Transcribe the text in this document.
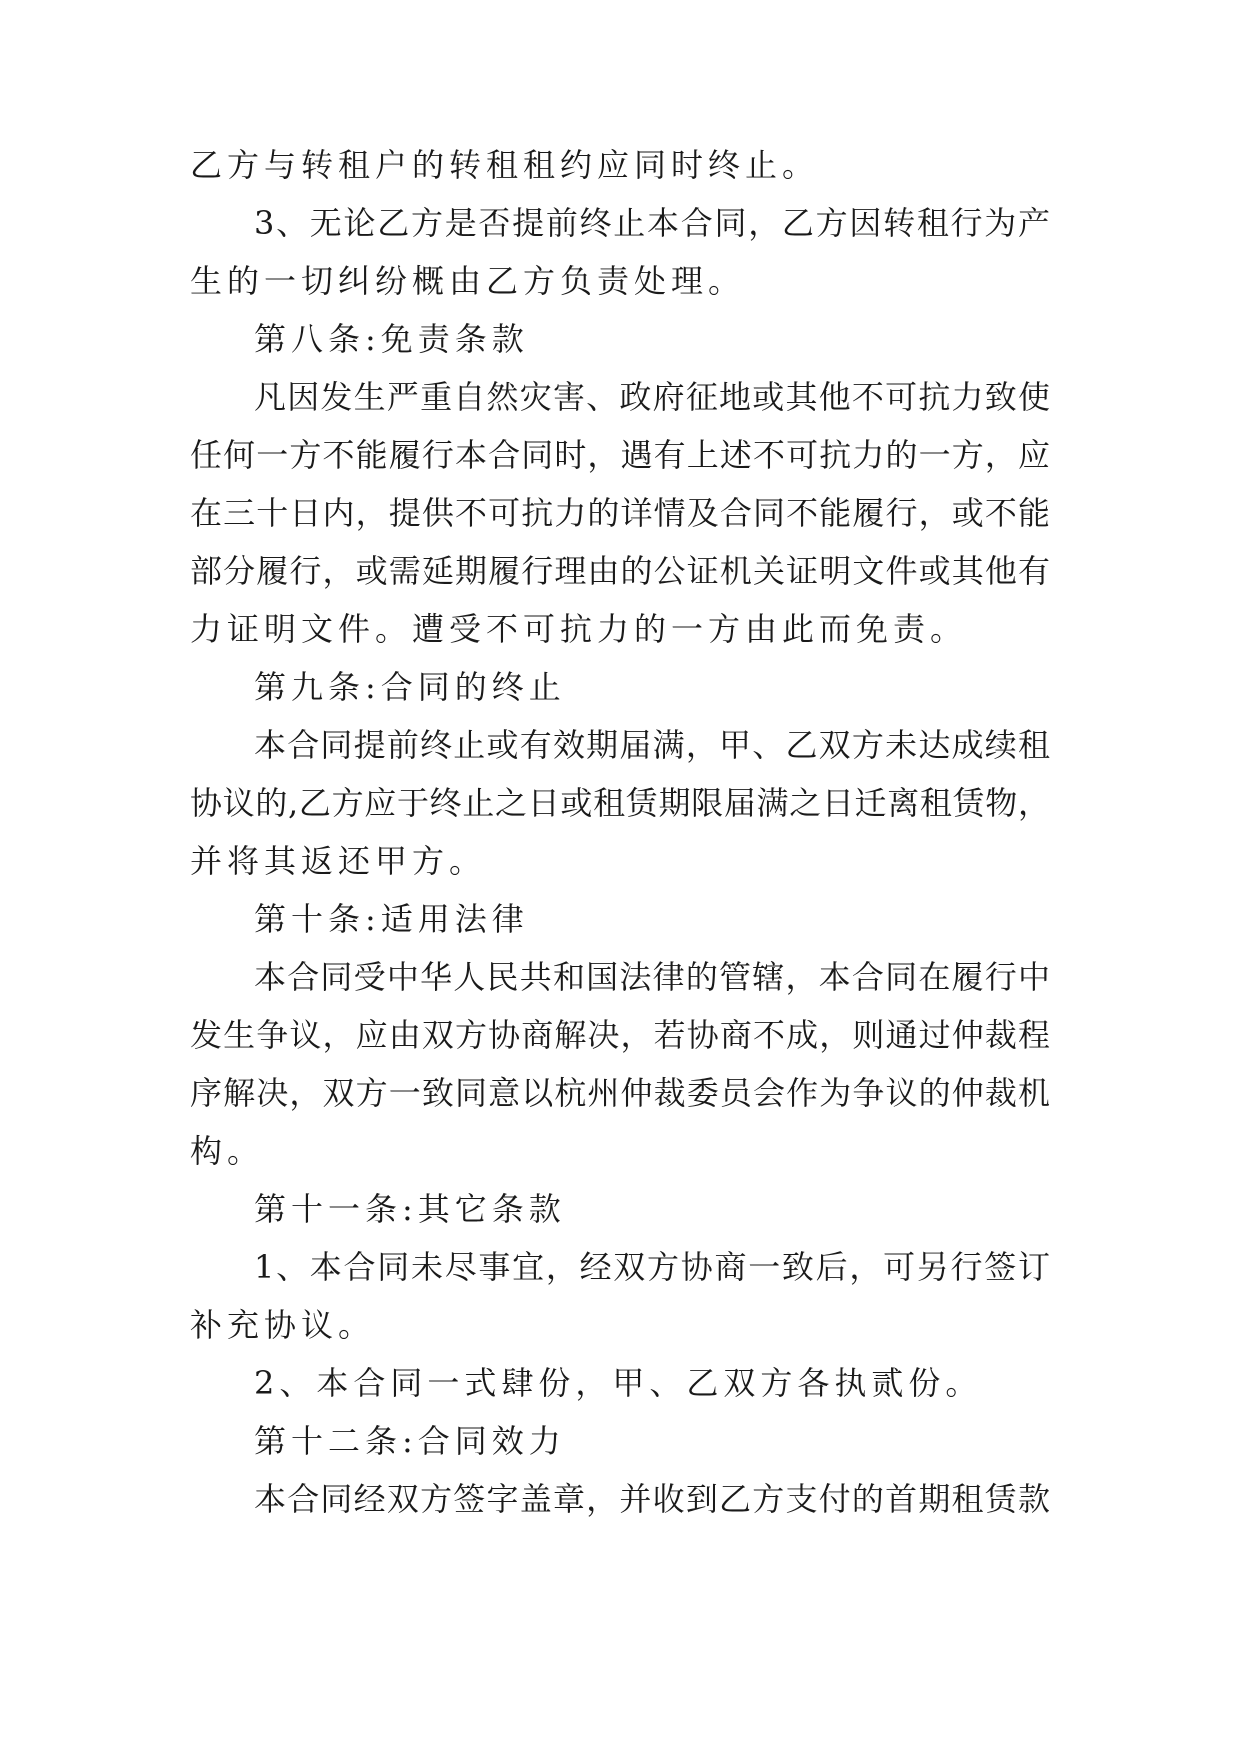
乙方与转租户的转租租约应同时终止。
3、无论乙方是否提前终止本合同，乙方因转租行为产
生的一切纠纷概由乙方负责处理。
第八条:免责条款
凡因发生严重自然灾害、政府征地或其他不可抗力致使
任何一方不能履行本合同时，遇有上述不可抗力的一方，应
在三十日内，提供不可抗力的详情及合同不能履行，或不能
部分履行，或需延期履行理由的公证机关证明文件或其他有
力证明文件。遭受不可抗力的一方由此而免责。
第九条:合同的终止
本合同提前终止或有效期届满，甲、乙双方未达成续租
协议的,乙方应于终止之日或租赁期限届满之日迁离租赁物，
并将其返还甲方。
第十条:适用法律
本合同受中华人民共和国法律的管辖，本合同在履行中
发生争议，应由双方协商解决，若协商不成，则通过仲裁程
序解决，双方一致同意以杭州仲裁委员会作为争议的仲裁机
构。
第十一条:其它条款
1、本合同未尽事宜，经双方协商一致后，可另行签订
补充协议。
2、本合同一式肆份，甲、乙双方各执贰份。
第十二条:合同效力
本合同经双方签字盖章，并收到乙方支付的首期租赁款
